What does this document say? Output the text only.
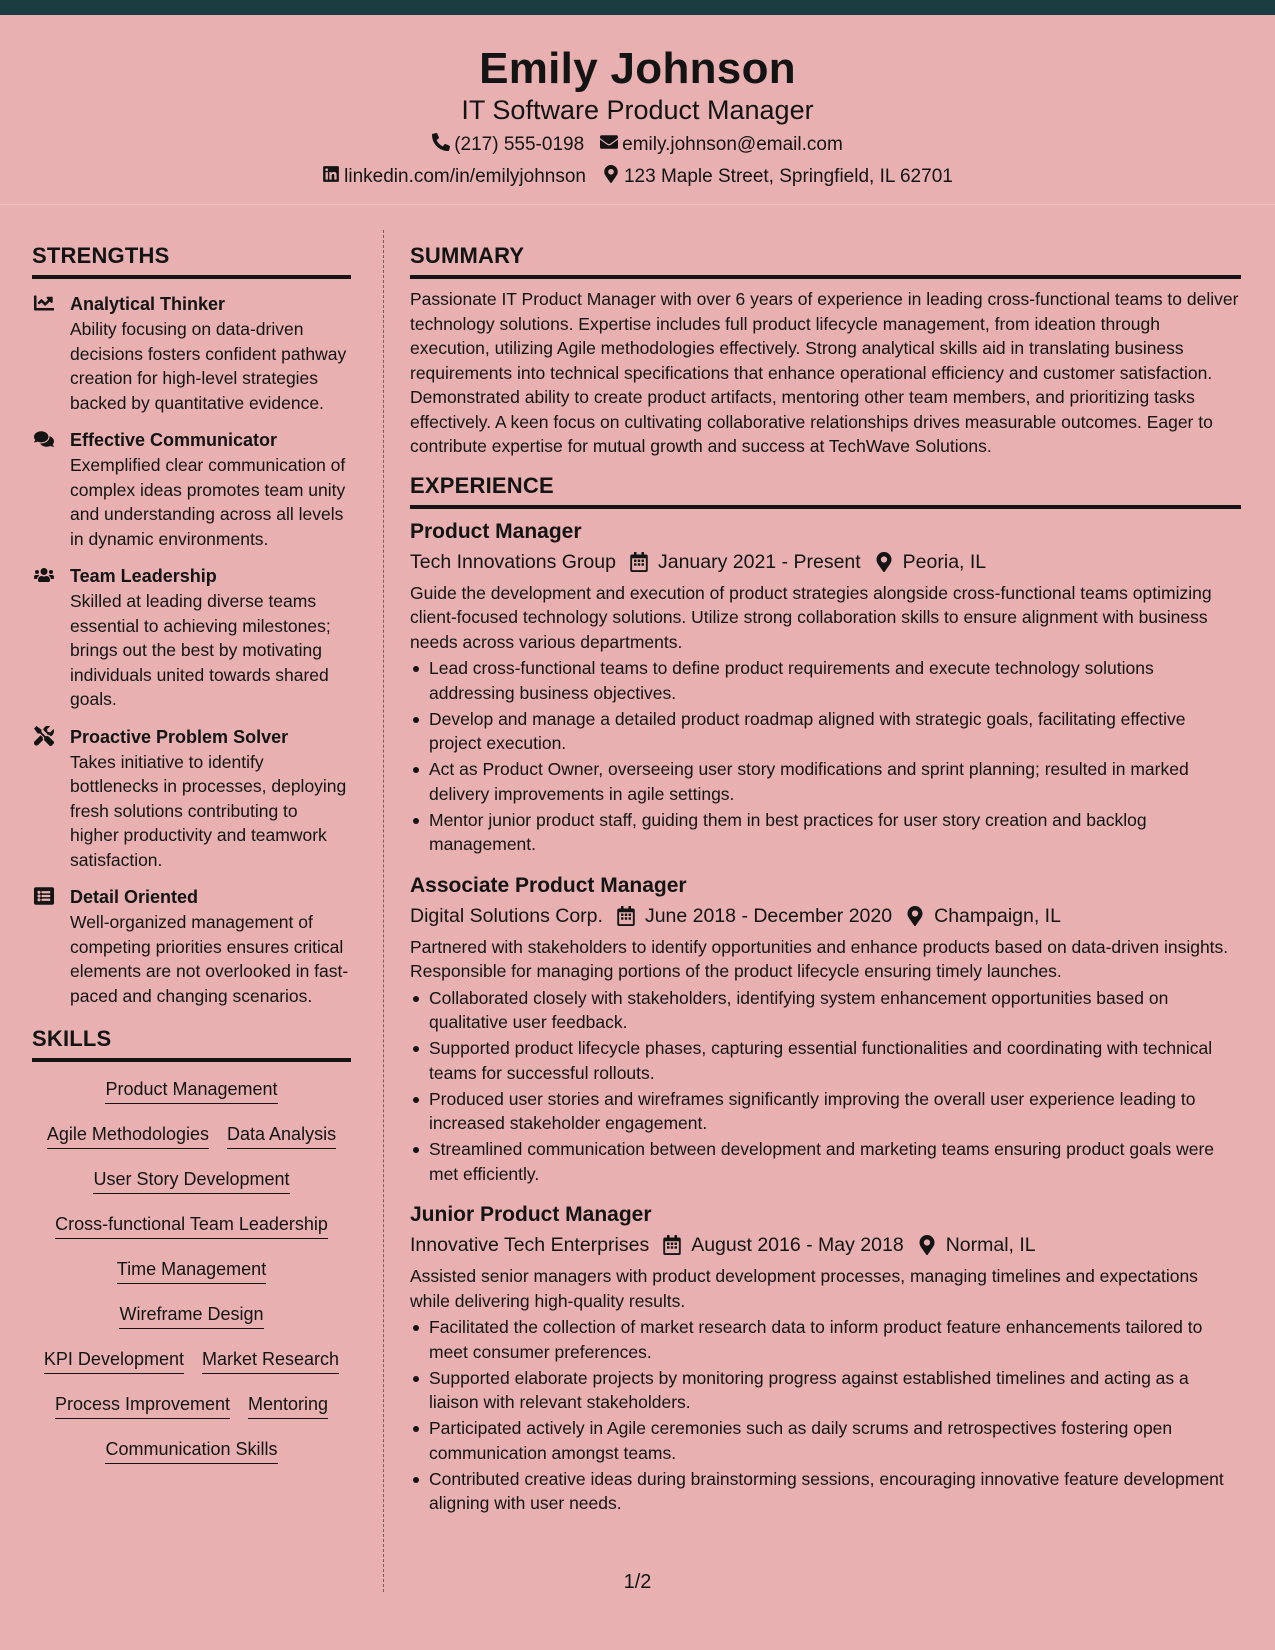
Emily Johnson
IT Software Product Manager
(217) 555-0198 emily.johnson@email.com
linkedin.com/in/emilyjohnson 123 Maple Street, Springfield, IL 62701
STRENGTHS
Analytical Thinker
Ability focusing on data-driven decisions fosters confident pathway creation for high-level strategies backed by quantitative evidence.
Effective Communicator
Exemplified clear communication of complex ideas promotes team unity and understanding across all levels in dynamic environments.
Team Leadership
Skilled at leading diverse teams essential to achieving milestones; brings out the best by motivating individuals united towards shared goals.
Proactive Problem Solver
Takes initiative to identify bottlenecks in processes, deploying fresh solutions contributing to higher productivity and teamwork satisfaction.
Detail Oriented
Well-organized management of competing priorities ensures critical elements are not overlooked in fast-paced and changing scenarios.
SKILLS
Product Management
Agile Methodologies Data Analysis
User Story Development
Cross-functional Team Leadership
Time Management
Wireframe Design
KPI Development Market Research
Process Improvement Mentoring
Communication Skills
SUMMARY

Passionate IT Product Manager with over 6 years of experience in leading cross-functional teams to deliver technology solutions. Expertise includes full product lifecycle management, from ideation through execution, utilizing Agile methodologies effectively. Strong analytical skills aid in translating business requirements into technical specifications that enhance operational efficiency and customer satisfaction. Demonstrated ability to create product artifacts, mentoring other team members, and prioritizing tasks effectively. A keen focus on cultivating collaborative relationships drives measurable outcomes. Eager to contribute expertise for mutual growth and success at TechWave Solutions.

EXPERIENCE
Product Manager
Tech Innovations Group January 2021 - Present Peoria, IL

Guide the development and execution of product strategies alongside cross-functional teams optimizing client-focused technology solutions. Utilize strong collaboration skills to ensure alignment with business needs across various departments.

Lead cross-functional teams to define product requirements and execute technology solutions addressing business objectives.
Develop and manage a detailed product roadmap aligned with strategic goals, facilitating effective project execution.
Act as Product Owner, overseeing user story modifications and sprint planning; resulted in marked delivery improvements in agile settings.
Mentor junior product staff, guiding them in best practices for user story creation and backlog management.
Associate Product Manager
Digital Solutions Corp. June 2018 - December 2020 Champaign, IL

Partnered with stakeholders to identify opportunities and enhance products based on data-driven insights. Responsible for managing portions of the product lifecycle ensuring timely launches.

Collaborated closely with stakeholders, identifying system enhancement opportunities based on qualitative user feedback.
Supported product lifecycle phases, capturing essential functionalities and coordinating with technical teams for successful rollouts.
Produced user stories and wireframes significantly improving the overall user experience leading to increased stakeholder engagement.
Streamlined communication between development and marketing teams ensuring product goals were met efficiently.
Junior Product Manager
Innovative Tech Enterprises August 2016 - May 2018 Normal, IL

Assisted senior managers with product development processes, managing timelines and expectations while delivering high-quality results.

Facilitated the collection of market research data to inform product feature enhancements tailored to meet consumer preferences.
Supported elaborate projects by monitoring progress against established timelines and acting as a liaison with relevant stakeholders.
Participated actively in Agile ceremonies such as daily scrums and retrospectives fostering open communication amongst teams.
Contributed creative ideas during brainstorming sessions, encouraging innovative feature development aligning with user needs.
1/2
